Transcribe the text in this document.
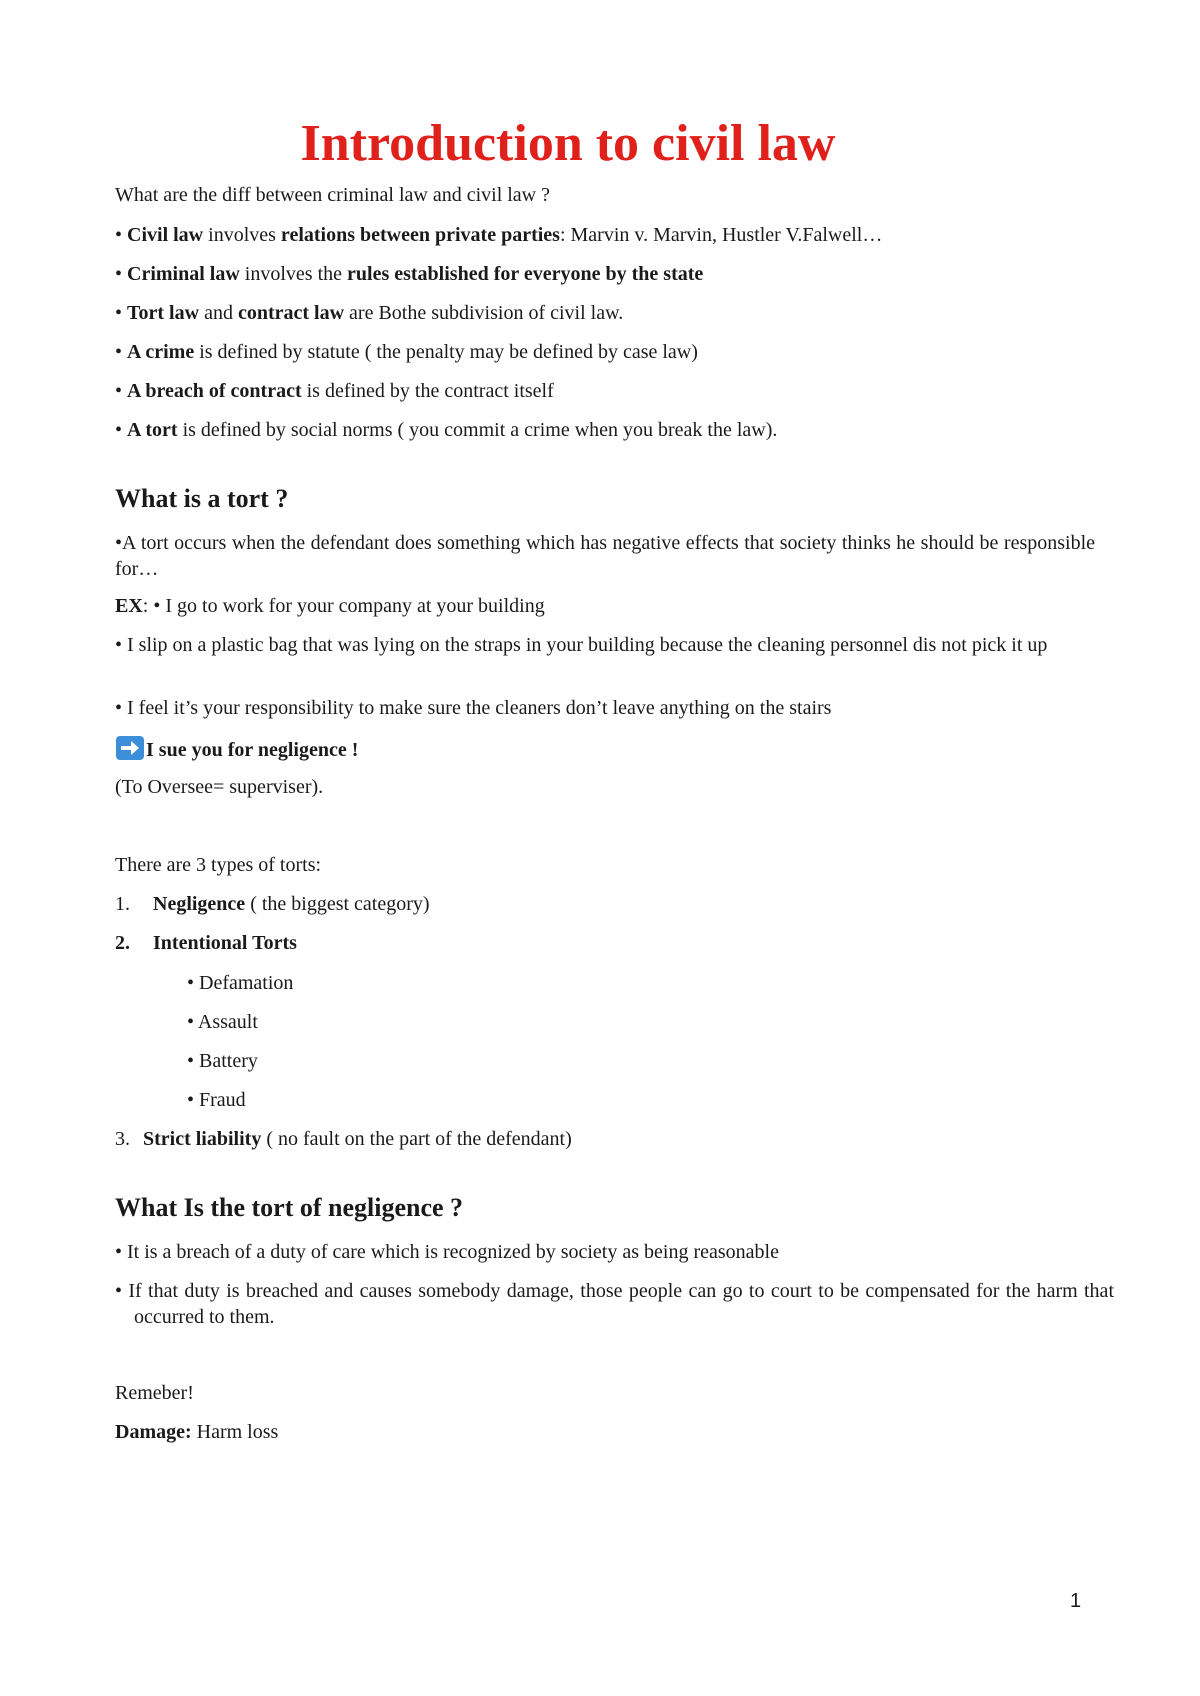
Introduction to civil law
What are the diff between criminal law and civil law ?
• Civil law involves relations between private parties: Marvin v. Marvin, Hustler V.Falwell…
• Criminal law involves the rules established for everyone by the state
• Tort law and contract law are Bothe subdivision of civil law.
• A crime is defined by statute ( the penalty may be defined by case law)
• A breach of contract is defined by the contract itself
• A tort is defined by social norms ( you commit a crime when you break the law).
What is a tort ?
•A tort occurs when the defendant does something which has negative effects that society thinks he should be responsible for…
EX: • I go to work for your company at your building
• I slip on a plastic bag that was lying on the straps in your building because the cleaning personnel dis not pick it up
• I feel it’s your responsibility to make sure the cleaners don’t leave anything on the stairs
I sue you for negligence !
(To Oversee= superviser).
There are 3 types of torts:
1. Negligence ( the biggest category)
2. Intentional Torts
• Defamation
• Assault
• Battery
• Fraud
3. Strict liability ( no fault on the part of the defendant)
What Is the tort of negligence ?
• It is a breach of a duty of care which is recognized by society as being reasonable
• If that duty is breached and causes somebody damage, those people can go to court to be compensated for the harm that occurred to them.
Remeber!
Damage: Harm loss
1
